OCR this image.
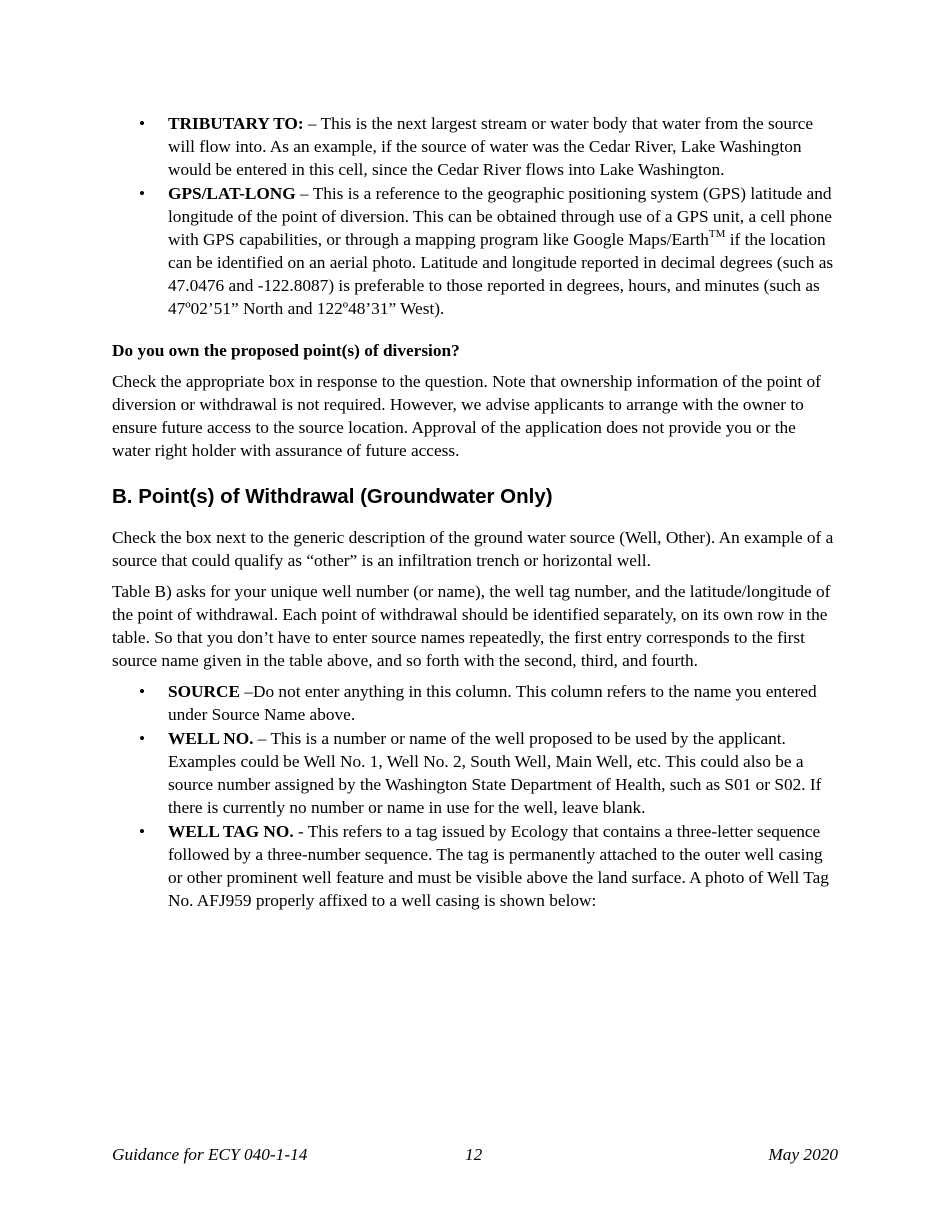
• TRIBUTARY TO: – This is the next largest stream or water body that water from the source will flow into. As an example, if the source of water was the Cedar River, Lake Washington would be entered in this cell, since the Cedar River flows into Lake Washington.
• GPS/LAT-LONG – This is a reference to the geographic positioning system (GPS) latitude and longitude of the point of diversion. This can be obtained through use of a GPS unit, a cell phone with GPS capabilities, or through a mapping program like Google Maps/Earth™ if the location can be identified on an aerial photo. Latitude and longitude reported in decimal degrees (such as 47.0476 and -122.8087) is preferable to those reported in degrees, hours, and minutes (such as 47º02’51” North and 122º48’31” West).

Do you own the proposed point(s) of diversion?

Check the appropriate box in response to the question. Note that ownership information of the point of diversion or withdrawal is not required. However, we advise applicants to arrange with the owner to ensure future access to the source location. Approval of the application does not provide you or the water right holder with assurance of future access.

B. Point(s) of Withdrawal (Groundwater Only)

Check the box next to the generic description of the ground water source (Well, Other). An example of a source that could qualify as “other” is an infiltration trench or horizontal well.

Table B) asks for your unique well number (or name), the well tag number, and the latitude/longitude of the point of withdrawal. Each point of withdrawal should be identified separately, on its own row in the table. So that you don’t have to enter source names repeatedly, the first entry corresponds to the first source name given in the table above, and so forth with the second, third, and fourth.

• SOURCE –Do not enter anything in this column. This column refers to the name you entered under Source Name above.
• WELL NO. – This is a number or name of the well proposed to be used by the applicant. Examples could be Well No. 1, Well No. 2, South Well, Main Well, etc. This could also be a source number assigned by the Washington State Department of Health, such as S01 or S02. If there is currently no number or name in use for the well, leave blank.
• WELL TAG NO. - This refers to a tag issued by Ecology that contains a three-letter sequence followed by a three-number sequence. The tag is permanently attached to the outer well casing or other prominent well feature and must be visible above the land surface. A photo of Well Tag No. AFJ959 properly affixed to a well casing is shown below:
Guidance for ECY 040-1-14	12	May 2020
